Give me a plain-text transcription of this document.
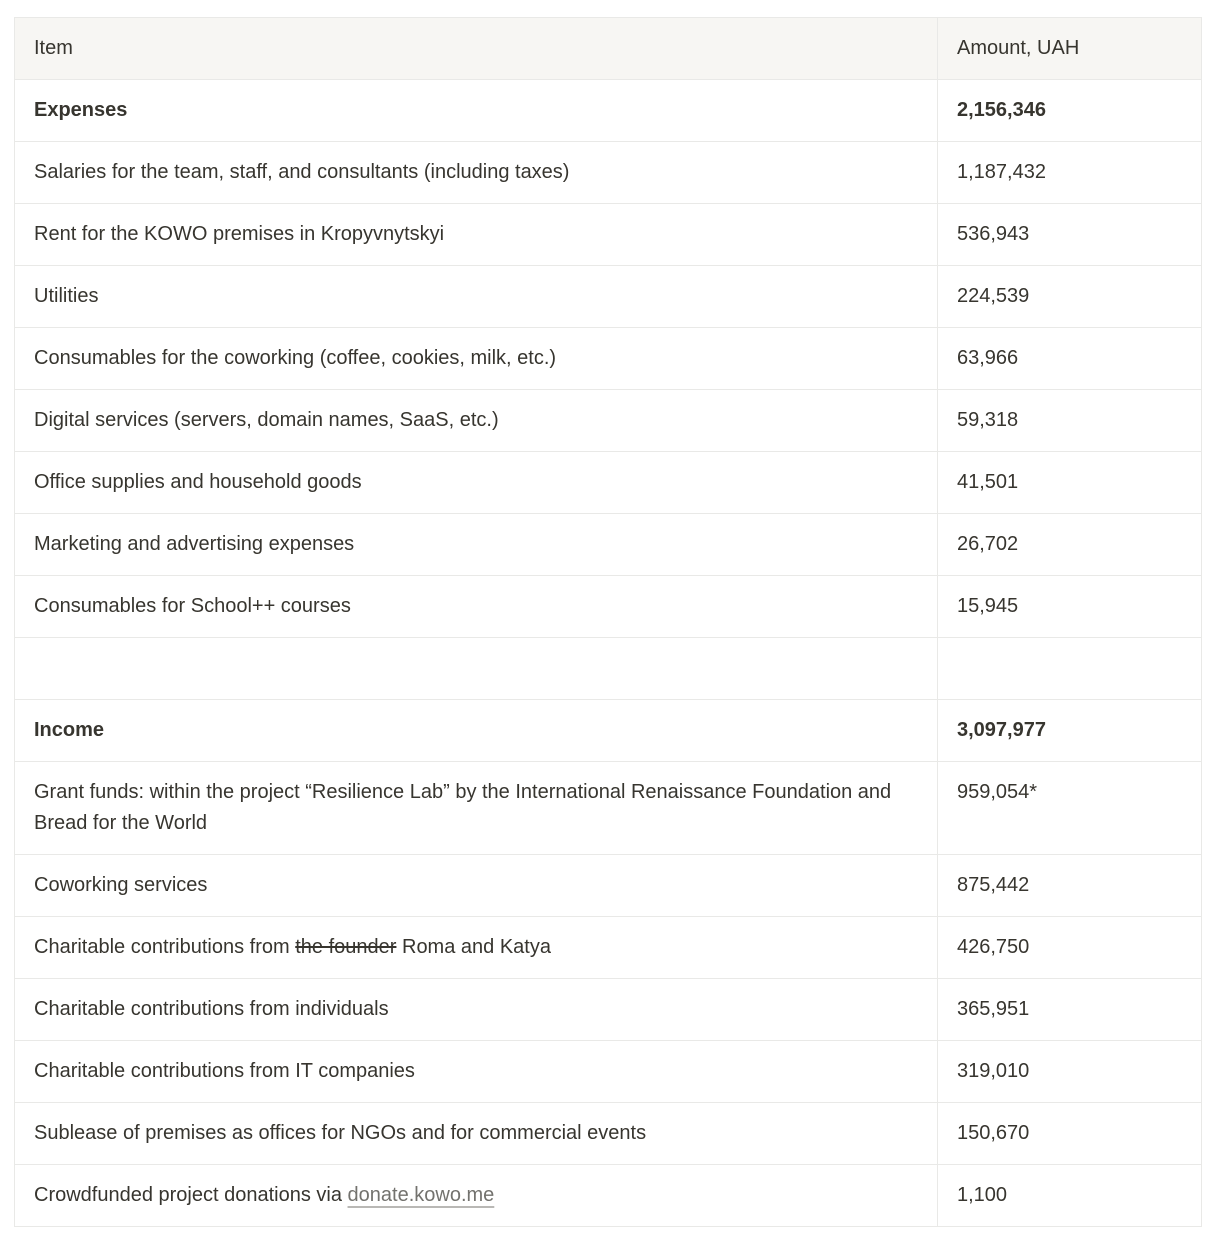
Item	Amount, UAH
Expenses	2,156,346
Salaries for the team, staff, and consultants (including taxes)	1,187,432
Rent for the KOWO premises in Kropyvnytskyi	536,943
Utilities	224,539
Consumables for the coworking (coffee, cookies, milk, etc.)	63,966
Digital services (servers, domain names, SaaS, etc.)	59,318
Office supplies and household goods	41,501
Marketing and advertising expenses	26,702
Consumables for School++ courses	15,945

Income	3,097,977
Grant funds: within the project “Resilience Lab” by the International Renaissance Foundation and Bread for the World	959,054*
Coworking services	875,442
Charitable contributions from the founder Roma and Katya	426,750
Charitable contributions from individuals	365,951
Charitable contributions from IT companies	319,010
Sublease of premises as offices for NGOs and for commercial events	150,670
Crowdfunded project donations via donate.kowo.me	1,100
